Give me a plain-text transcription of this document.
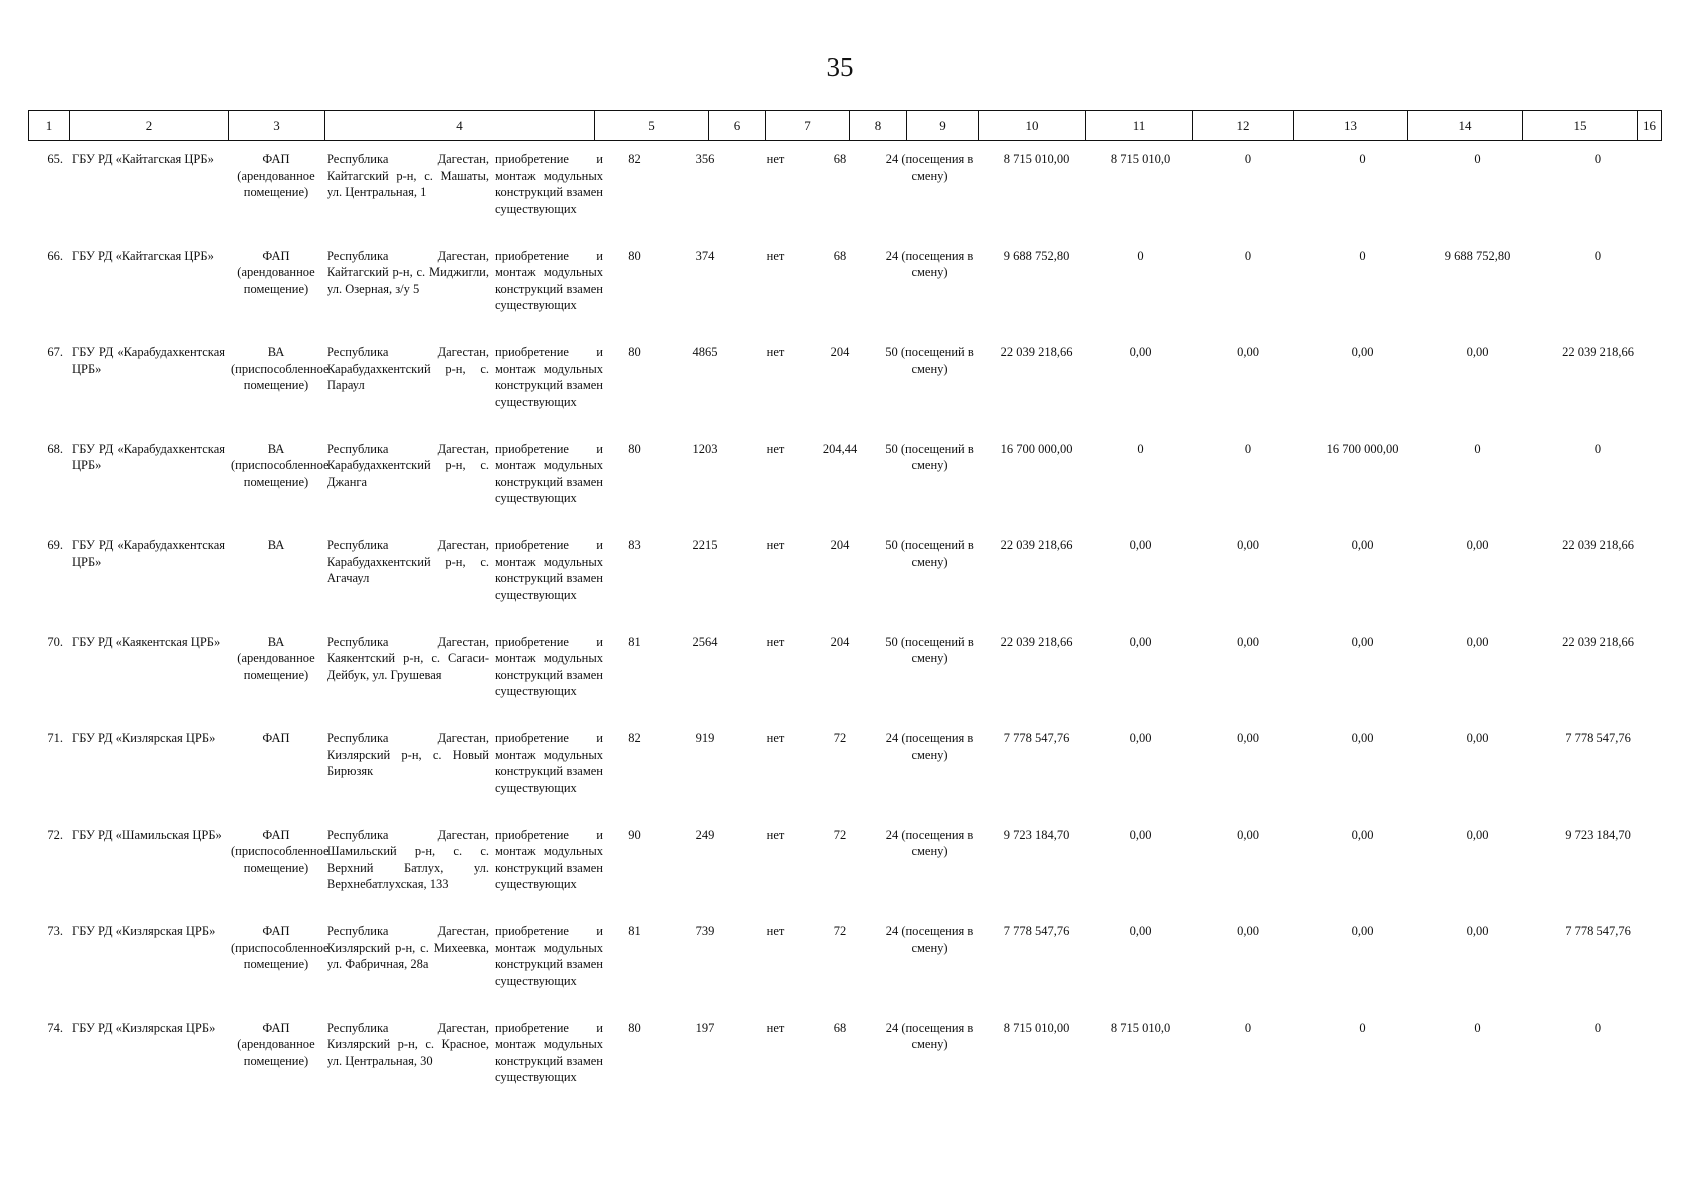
35
1	2	3	4	5	6	7	8	9	10	11	12	13	14	15	16
65.	ГБУ РД «Кайтагская ЦРБ»	ФАП (арендованное помещение)	Республика Дагестан, Кайтагский р-н, с. Машаты, ул. Центральная, 1	приобретение и монтаж модульных конструкций взамен существующих	82	356	нет	68	24 (посещения в смену)	8 715 010,00	8 715 010,0	0	0	0	0
66.	ГБУ РД «Кайтагская ЦРБ»	ФАП (арендованное помещение)	Республика Дагестан, Кайтагский р-н, с. Миджигли, ул. Озерная, з/у 5	приобретение и монтаж модульных конструкций взамен существующих	80	374	нет	68	24 (посещения в смену)	9 688 752,80	0	0	0	9 688 752,80	0
67.	ГБУ РД «Карабудахкентская ЦРБ»	ВА (приспособленное помещение)	Республика Дагестан, Карабудахкентский р-н, с. Параул	приобретение и монтаж модульных конструкций взамен существующих	80	4865	нет	204	50 (посещений в смену)	22 039 218,66	0,00	0,00	0,00	0,00	22 039 218,66
68.	ГБУ РД «Карабудахкентская ЦРБ»	ВА (приспособленное помещение)	Республика Дагестан, Карабудахкентский р-н, с. Джанга	приобретение и монтаж модульных конструкций взамен существующих	80	1203	нет	204,44	50 (посещений в смену)	16 700 000,00	0	0	16 700 000,00	0	0
69.	ГБУ РД «Карабудахкентская ЦРБ»	ВА	Республика Дагестан, Карабудахкентский р-н, с. Агачаул	приобретение и монтаж модульных конструкций взамен существующих	83	2215	нет	204	50 (посещений в смену)	22 039 218,66	0,00	0,00	0,00	0,00	22 039 218,66
70.	ГБУ РД «Каякентская ЦРБ»	ВА (арендованное помещение)	Республика Дагестан, Каякентский р-н, с. Сагаси-Дейбук, ул. Грушевая	приобретение и монтаж модульных конструкций взамен существующих	81	2564	нет	204	50 (посещений в смену)	22 039 218,66	0,00	0,00	0,00	0,00	22 039 218,66
71.	ГБУ РД «Кизлярская ЦРБ»	ФАП	Республика Дагестан, Кизлярский р-н, с. Новый Бирюзяк	приобретение и монтаж модульных конструкций взамен существующих	82	919	нет	72	24 (посещения в смену)	7 778 547,76	0,00	0,00	0,00	0,00	7 778 547,76
72.	ГБУ РД «Шамильская ЦРБ»	ФАП (приспособленное помещение)	Республика Дагестан, Шамильский р-н, с. с. Верхний Батлух, ул. Верхнебатлухская, 133	приобретение и монтаж модульных конструкций взамен существующих	90	249	нет	72	24 (посещения в смену)	9 723 184,70	0,00	0,00	0,00	0,00	9 723 184,70
73.	ГБУ РД «Кизлярская ЦРБ»	ФАП (приспособленное помещение)	Республика Дагестан, Кизлярский р-н, с. Михеевка, ул. Фабричная, 28а	приобретение и монтаж модульных конструкций взамен существующих	81	739	нет	72	24 (посещения в смену)	7 778 547,76	0,00	0,00	0,00	0,00	7 778 547,76
74.	ГБУ РД «Кизлярская ЦРБ»	ФАП (арендованное помещение)	Республика Дагестан, Кизлярский р-н, с. Красное, ул. Центральная, 30	приобретение и монтаж модульных конструкций взамен существующих	80	197	нет	68	24 (посещения в смену)	8 715 010,00	8 715 010,0	0	0	0	0
